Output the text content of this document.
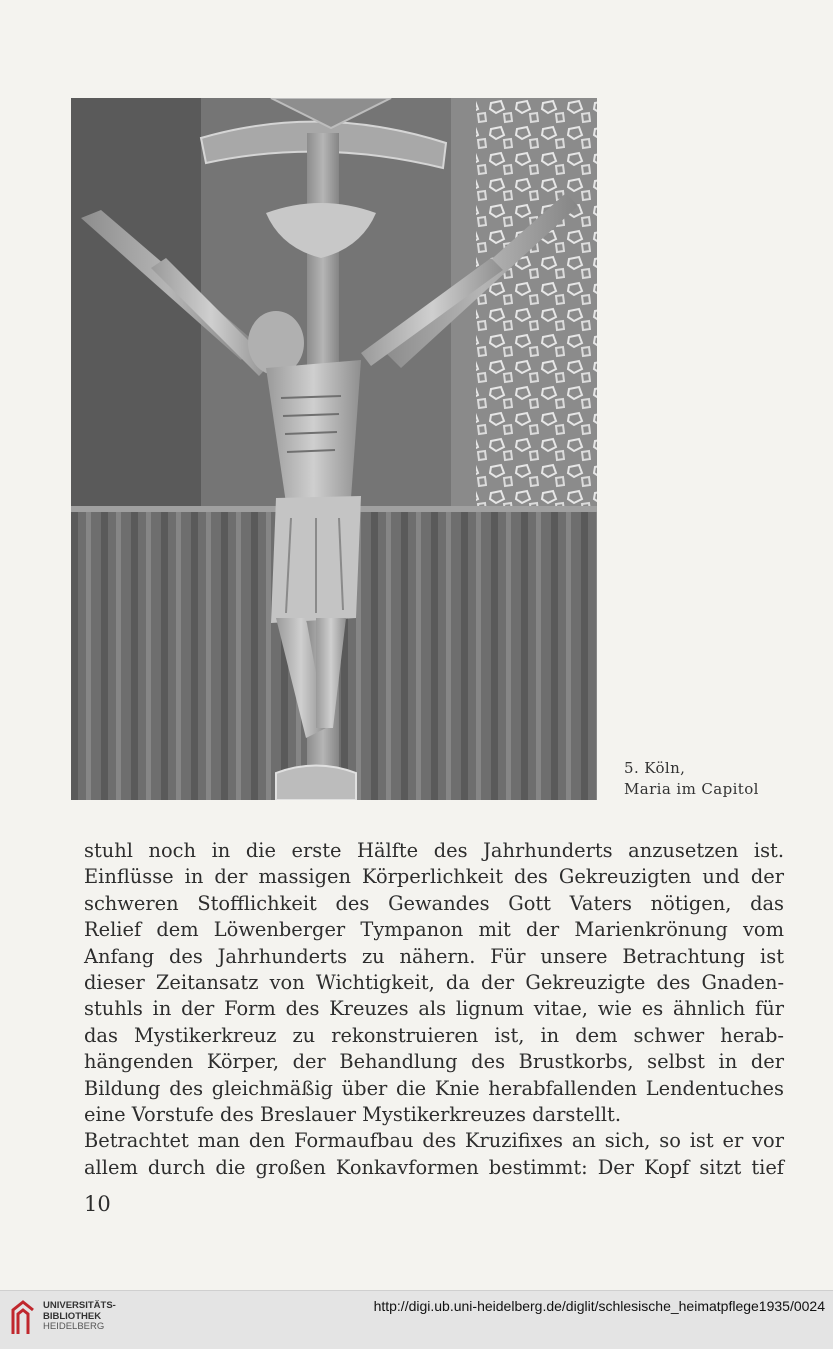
5. Köln,
Maria im Capitol
stuhl noch in die erste Hälfte des Jahrhunderts anzusetzen ist.
Einflüsse in der massigen Körperlichkeit des Gekreuzigten und der
schweren Stofflichkeit des Gewandes Gott Vaters nötigen, das
Relief dem Löwenberger Tympanon mit der Marienkrönung vom
Anfang des Jahrhunderts zu nähern. Für unsere Betrachtung ist
dieser Zeitansatz von Wichtigkeit, da der Gekreuzigte des Gnaden-
stuhls in der Form des Kreuzes als lignum vitae, wie es ähnlich für
das Mystikerkreuz zu rekonstruieren ist, in dem schwer herab-
hängenden Körper, der Behandlung des Brustkorbs, selbst in der
Bildung des gleichmäßig über die Knie herabfallenden Lendentuches
eine Vorstufe des Breslauer Mystikerkreuzes darstellt.
Betrachtet man den Formaufbau des Kruzifixes an sich, so ist er vor
allem durch die großen Konkavformen bestimmt: Der Kopf sitzt tief
10
UNIVERSITÄTS-
BIBLIOTHEK
HEIDELBERG
http://digi.ub.uni-heidelberg.de/diglit/schlesische_heimatpflege1935/0024
